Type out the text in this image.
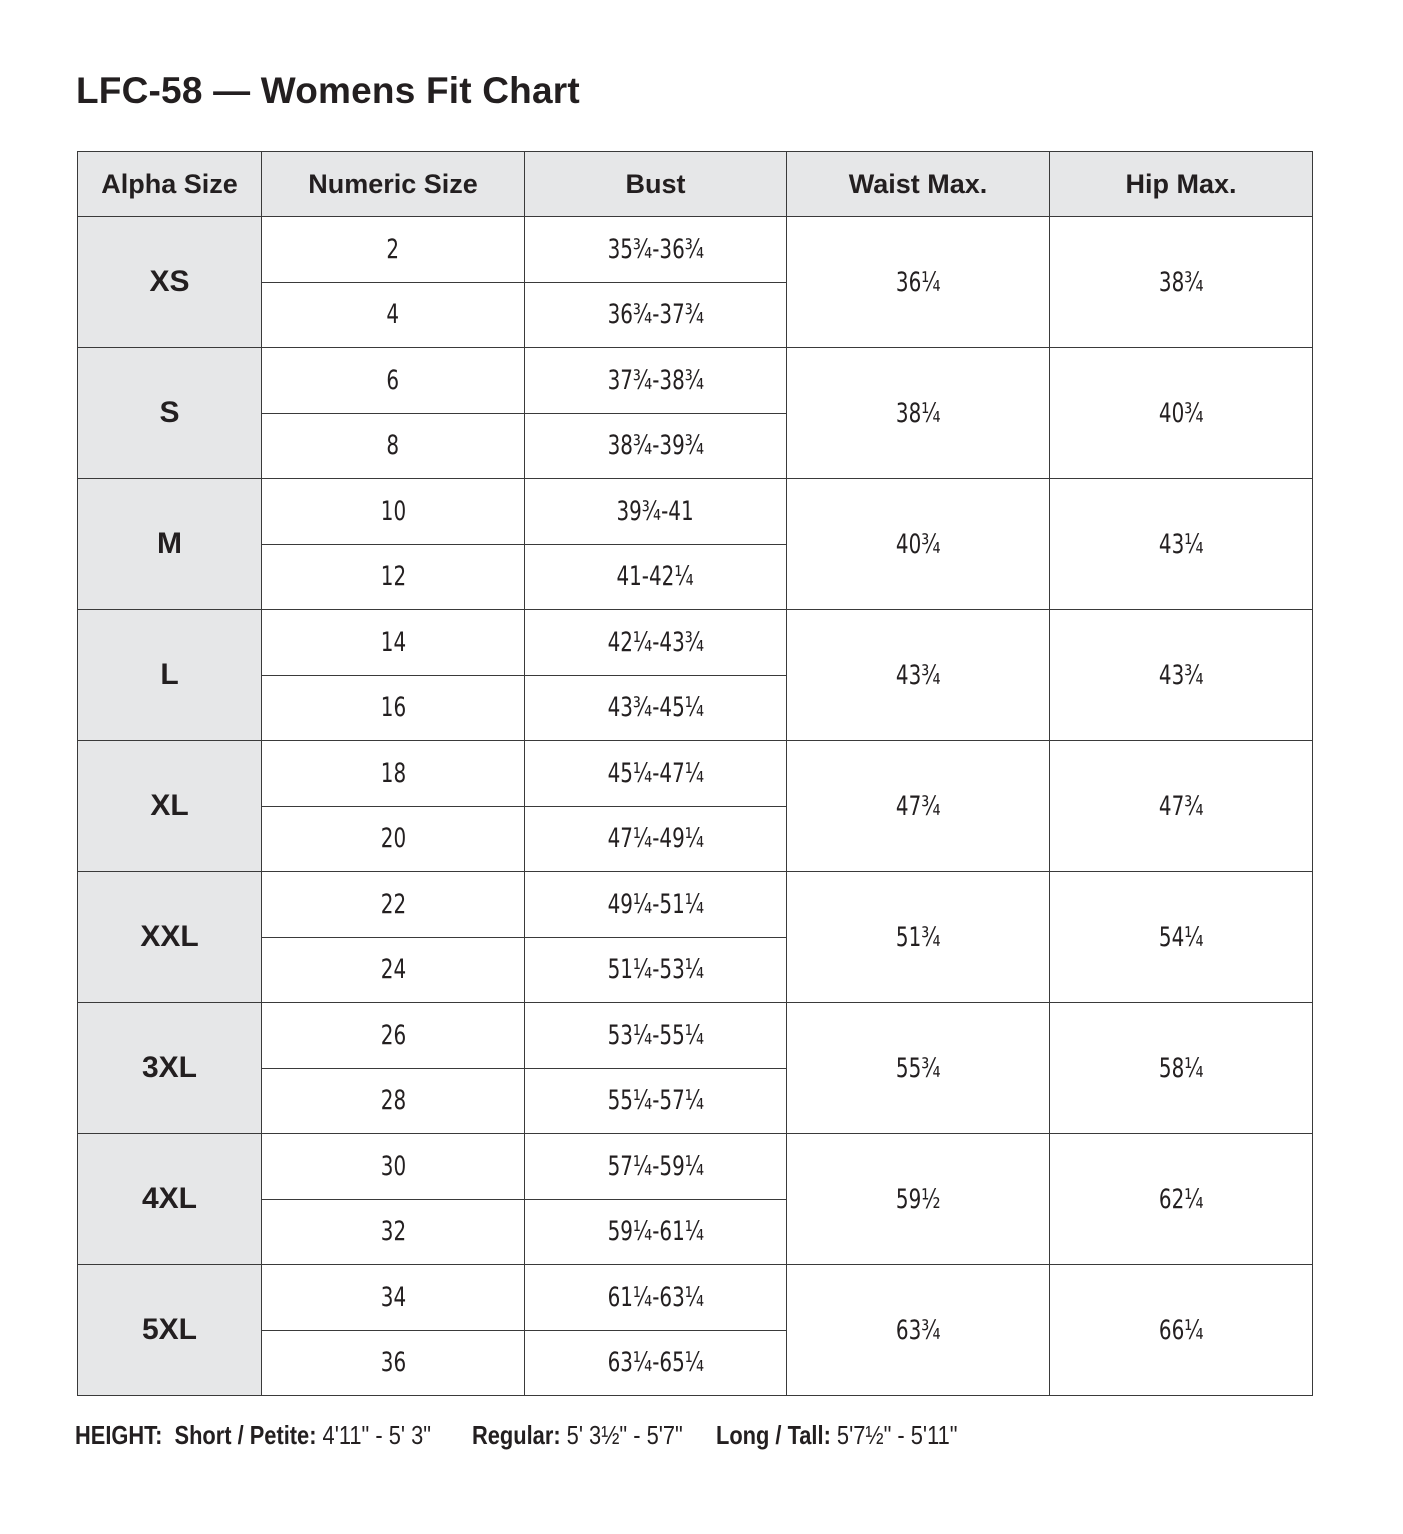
LFC-58 — Womens Fit Chart
Alpha Size	Numeric Size	Bust	Waist Max.	Hip Max.
XS	2	35¾-36¾	36¼	38¾
	4	36¾-37¾		
S	6	37¾-38¾	38¼	40¾
	8	38¾-39¾		
M	10	39¾-41	40¾	43¼
	12	41-42¼		
L	14	42¼-43¾	43¾	43¾
	16	43¾-45¼		
XL	18	45¼-47¼	47¾	47¾
	20	47¼-49¼		
XXL	22	49¼-51¼	51¾	54¼
	24	51¼-53¼		
3XL	26	53¼-55¼	55¾	58¼
	28	55¼-57¼		
4XL	30	57¼-59¼	59½	62¼
	32	59¼-61¼		
5XL	34	61¼-63¼	63¾	66¼
	36	63¼-65¼		
HEIGHT: Short / Petite: 4'11" - 5' 3" Regular: 5' 3½" - 5'7" Long / Tall: 5'7½" - 5'11"
